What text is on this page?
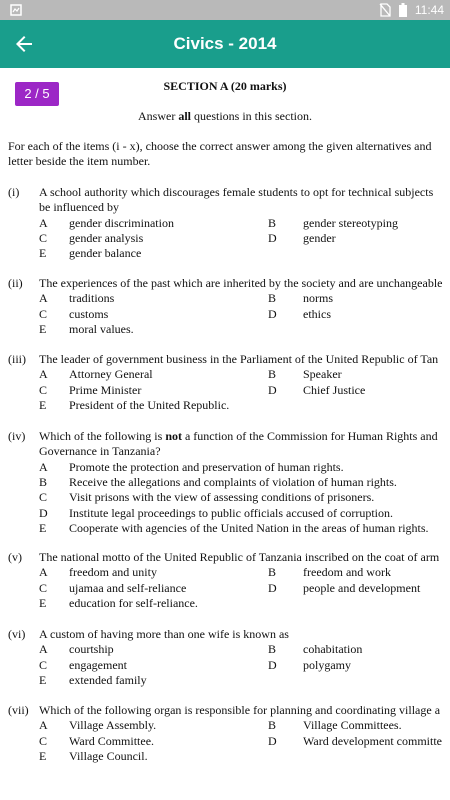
11:44
Civics - 2014
2 / 5	SECTION A (20 marks)
Answer all questions in this section.
For each of the items (i - x), choose the correct answer among the given alternatives and
letter beside the item number.
(i) A school authority which discourages female students to opt for technical subjects
be influenced by
A gender discrimination	B gender stereotyping
C gender analysis	D gender
E gender balance
(ii) The experiences of the past which are inherited by the society and are unchangeable
A traditions	B norms
C customs	D ethics
E moral values.
(iii) The leader of government business in the Parliament of the United Republic of Tan
A Attorney General	B Speaker
C Prime Minister	D Chief Justice
E President of the United Republic.
(iv) Which of the following is not a function of the Commission for Human Rights and
Governance in Tanzania?
A Promote the protection and preservation of human rights.
B Receive the allegations and complaints of violation of human rights.
C Visit prisons with the view of assessing conditions of prisoners.
D Institute legal proceedings to public officials accused of corruption.
E Cooperate with agencies of the United Nation in the areas of human rights.
(v) The national motto of the United Republic of Tanzania inscribed on the coat of arm
A freedom and unity	B freedom and work
C ujamaa and self-reliance	D people and development
E education for self-reliance.
(vi) A custom of having more than one wife is known as
A courtship	B cohabitation
C engagement	D polygamy
E extended family
(vii) Which of the following organ is responsible for planning and coordinating village a
A Village Assembly.	B Village Committees.
C Ward Committee.	D Ward development committe
E Village Council.
